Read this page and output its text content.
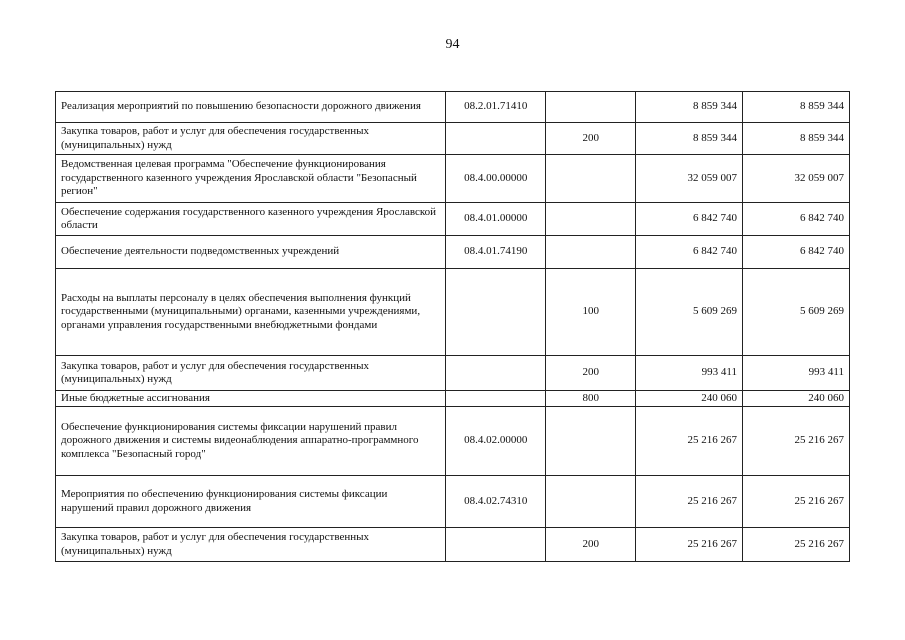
94
Реализация мероприятий по повышению безопасности дорожного движения	08.2.01.71410		8 859 344	8 859 344
Закупка товаров, работ и услуг для обеспечения государственных (муниципальных) нужд		200	8 859 344	8 859 344
Ведомственная целевая программа "Обеспечение функционирования государственного казенного учреждения Ярославской области "Безопасный регион"	08.4.00.00000		32 059 007	32 059 007
Обеспечение содержания государственного казенного учреждения Ярославской области	08.4.01.00000		6 842 740	6 842 740
Обеспечение деятельности подведомственных учреждений	08.4.01.74190		6 842 740	6 842 740
Расходы на выплаты персоналу в целях обеспечения выполнения функций государственными (муниципальными) органами, казенными учреждениями, органами управления государственными внебюджетными фондами		100	5 609 269	5 609 269
Закупка товаров, работ и услуг для обеспечения государственных (муниципальных) нужд		200	993 411	993 411
Иные бюджетные ассигнования		800	240 060	240 060
Обеспечение функционирования системы фиксации нарушений правил дорожного движения и системы видеонаблюдения аппаратно-программного комплекса "Безопасный город"	08.4.02.00000		25 216 267	25 216 267
Мероприятия по обеспечению функционирования системы фиксации нарушений правил дорожного движения	08.4.02.74310		25 216 267	25 216 267
Закупка товаров, работ и услуг для обеспечения государственных (муниципальных) нужд		200	25 216 267	25 216 267
